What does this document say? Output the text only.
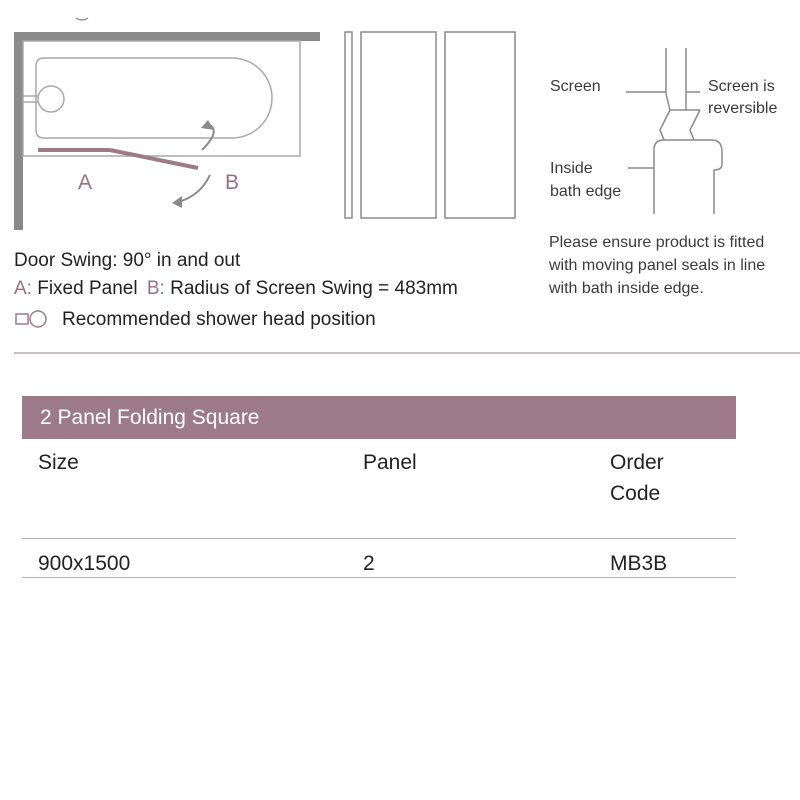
A	B
Screen	Screen is
reversible
Inside
bath edge
Please ensure product is fitted
with moving panel seals in line
with bath inside edge.
Door Swing: 90° in and out
A: Fixed Panel B: Radius of Screen Swing = 483mm
Recommended shower head position
2 Panel Folding Square
Size	Panel	Order
Code
900x1500	2	MB3B
